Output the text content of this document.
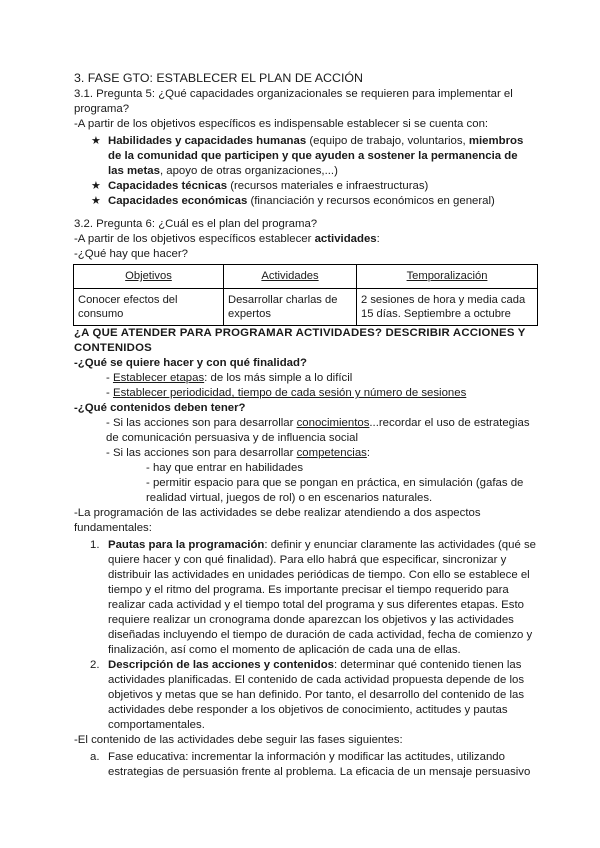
3. FASE GTO: ESTABLECER EL PLAN DE ACCIÓN

3.1. Pregunta 5: ¿Qué capacidades organizacionales se requieren para implementar el

programa?

-A partir de los objetivos específicos es indispensable establecer si se cuenta con:

★ Habilidades y capacidades humanas (equipo de trabajo, voluntarios, miembros de la comunidad que participen y que ayuden a sostener la permanencia de las metas, apoyo de otras organizaciones,...)
★ Capacidades técnicas (recursos materiales e infraestructuras)
★ Capacidades económicas (financiación y recursos económicos en general)

3.2. Pregunta 6: ¿Cuál es el plan del programa?

-A partir de los objetivos específicos establecer actividades:

-¿Qué hay que hacer?

Objetivos	Actividades	Temporalización
Conocer efectos del consumo	Desarrollar charlas de expertos	2 sesiones de hora y media cada 15 días. Septiembre a octubre

¿A QUE ATENDER PARA PROGRAMAR ACTIVIDADES? DESCRIBIR ACCIONES Y CONTENIDOS

-¿Qué se quiere hacer y con qué finalidad?

- Establecer etapas: de los más simple a lo difícil

- Establecer periodicidad, tiempo de cada sesión y número de sesiones

-¿Qué contenidos deben tener?

- Si las acciones son para desarrollar conocimientos...recordar el uso de estrategias de comunicación persuasiva y de influencia social

- Si las acciones son para desarrollar competencias:

- hay que entrar en habilidades

- permitir espacio para que se pongan en práctica, en simulación (gafas de realidad virtual, juegos de rol) o en escenarios naturales.

-La programación de las actividades se debe realizar atendiendo a dos aspectos fundamentales:

1. Pautas para la programación: definir y enunciar claramente las actividades (qué se quiere hacer y con qué finalidad). Para ello habrá que especificar, sincronizar y distribuir las actividades en unidades periódicas de tiempo. Con ello se establece el tiempo y el ritmo del programa. Es importante precisar el tiempo requerido para realizar cada actividad y el tiempo total del programa y sus diferentes etapas. Esto requiere realizar un cronograma donde aparezcan los objetivos y las actividades diseñadas incluyendo el tiempo de duración de cada actividad, fecha de comienzo y finalización, así como el momento de aplicación de cada una de ellas.
2. Descripción de las acciones y contenidos: determinar qué contenido tienen las actividades planificadas. El contenido de cada actividad propuesta depende de los objetivos y metas que se han definido. Por tanto, el desarrollo del contenido de las actividades debe responder a los objetivos de conocimiento, actitudes y pautas comportamentales.

-El contenido de las actividades debe seguir las fases siguientes:

a. Fase educativa: incrementar la información y modificar las actitudes, utilizando estrategias de persuasión frente al problema. La eficacia de un mensaje persuasivo
